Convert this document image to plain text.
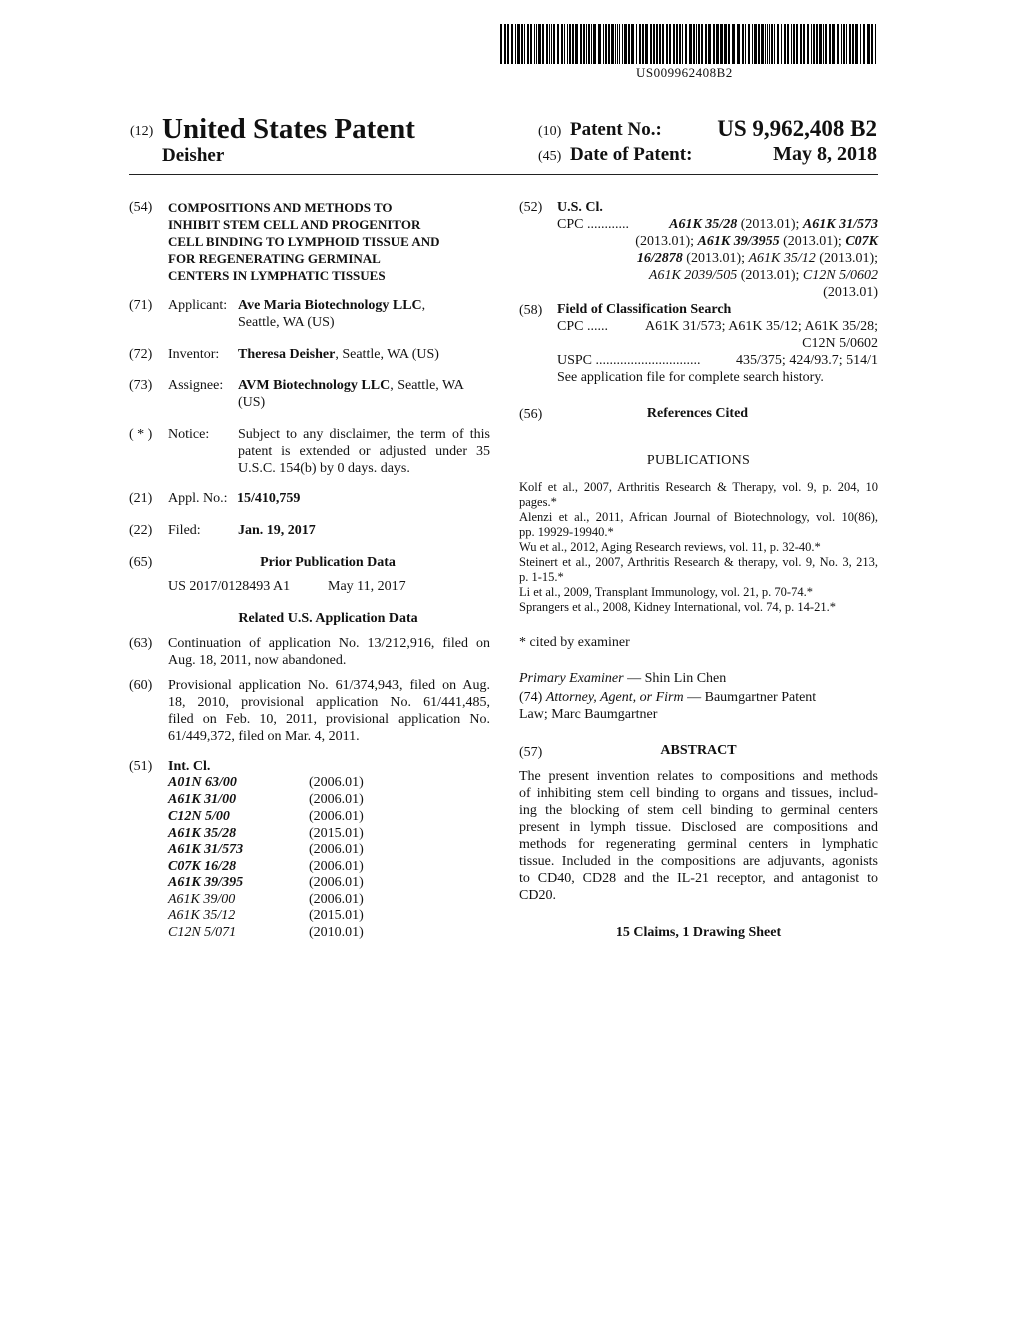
US009962408B2
(12) United States Patent
Deisher
(10) Patent No.: US 9,962,408 B2
(45) Date of Patent:	May 8, 2018
(54) COMPOSITIONS AND METHODS TO
INHIBIT STEM CELL AND PROGENITOR
CELL BINDING TO LYMPHOID TISSUE AND
FOR REGENERATING GERMINAL
CENTERS IN LYMPHATIC TISSUES
(71) Applicant: Ave Maria Biotechnology LLC,
Seattle, WA (US)
(72) Inventor: Theresa Deisher, Seattle, WA (US)
(73) Assignee: AVM Biotechnology LLC, Seattle, WA
(US)
( * ) Notice: Subject to any disclaimer, the term of this
patent is extended or adjusted under 35
U.S.C. 154(b) by 0 days. days.
(21) Appl. No.: 15/410,759
(22) Filed:	Jan. 19, 2017
(65)	Prior Publication Data
US 2017/0128493 A1	May 11, 2017
Related U.S. Application Data
(63) Continuation of application No. 13/212,916, filed on
Aug. 18, 2011, now abandoned.
(60) Provisional application No. 61/374,943, filed on Aug.
18, 2010, provisional application No. 61/441,485,
filed on Feb. 10, 2011, provisional application No.
61/449,372, filed on Mar. 4, 2011.
(51) Int. Cl.
A01N 63/00	(2006.01)
A61K 31/00	(2006.01)
C12N 5/00	(2006.01)
A61K 35/28	(2015.01)
A61K 31/573	(2006.01)
C07K 16/28	(2006.01)
A61K 39/395	(2006.01)
A61K 39/00	(2006.01)
A61K 35/12	(2015.01)
C12N 5/071	(2010.01)
(52) U.S. Cl.
CPC ............	A61K 35/28 (2013.01); A61K 31/573
(2013.01); A61K 39/3955 (2013.01); C07K
16/2878 (2013.01); A61K 35/12 (2013.01);
A61K 2039/505 (2013.01); C12N 5/0602
(2013.01)
(58) Field of Classification Search
CPC ......	A61K 31/573; A61K 35/12; A61K 35/28;
C12N 5/0602
USPC ..............................	435/375; 424/93.7; 514/1
See application file for complete search history.
(56)	References Cited
PUBLICATIONS
Kolf et al., 2007, Arthritis Research & Therapy, vol. 9, p. 204, 10
pages.*
Alenzi et al., 2011, African Journal of Biotechnology, vol. 10(86),
pp. 19929-19940.*
Wu et al., 2012, Aging Research reviews, vol. 11, p. 32-40.*
Steinert et al., 2007, Arthritis Research & therapy, vol. 9, No. 3, 213,
p. 1-15.*
Li et al., 2009, Transplant Immunology, vol. 21, p. 70-74.*
Sprangers et al., 2008, Kidney International, vol. 74, p. 14-21.*
* cited by examiner
Primary Examiner — Shin Lin Chen
(74) Attorney, Agent, or Firm — Baumgartner Patent
Law; Marc Baumgartner
(57)	ABSTRACT
The present invention relates to compositions and methods
of inhibiting stem cell binding to organs and tissues, includ-
ing the blocking of stem cell binding to germinal centers
present in lymph tissue. Disclosed are compositions and
methods for regenerating germinal centers in lymphatic
tissue. Included in the compositions are adjuvants, agonists
to CD40, CD28 and the IL-21 receptor, and antagonist to
CD20.
15 Claims, 1 Drawing Sheet
